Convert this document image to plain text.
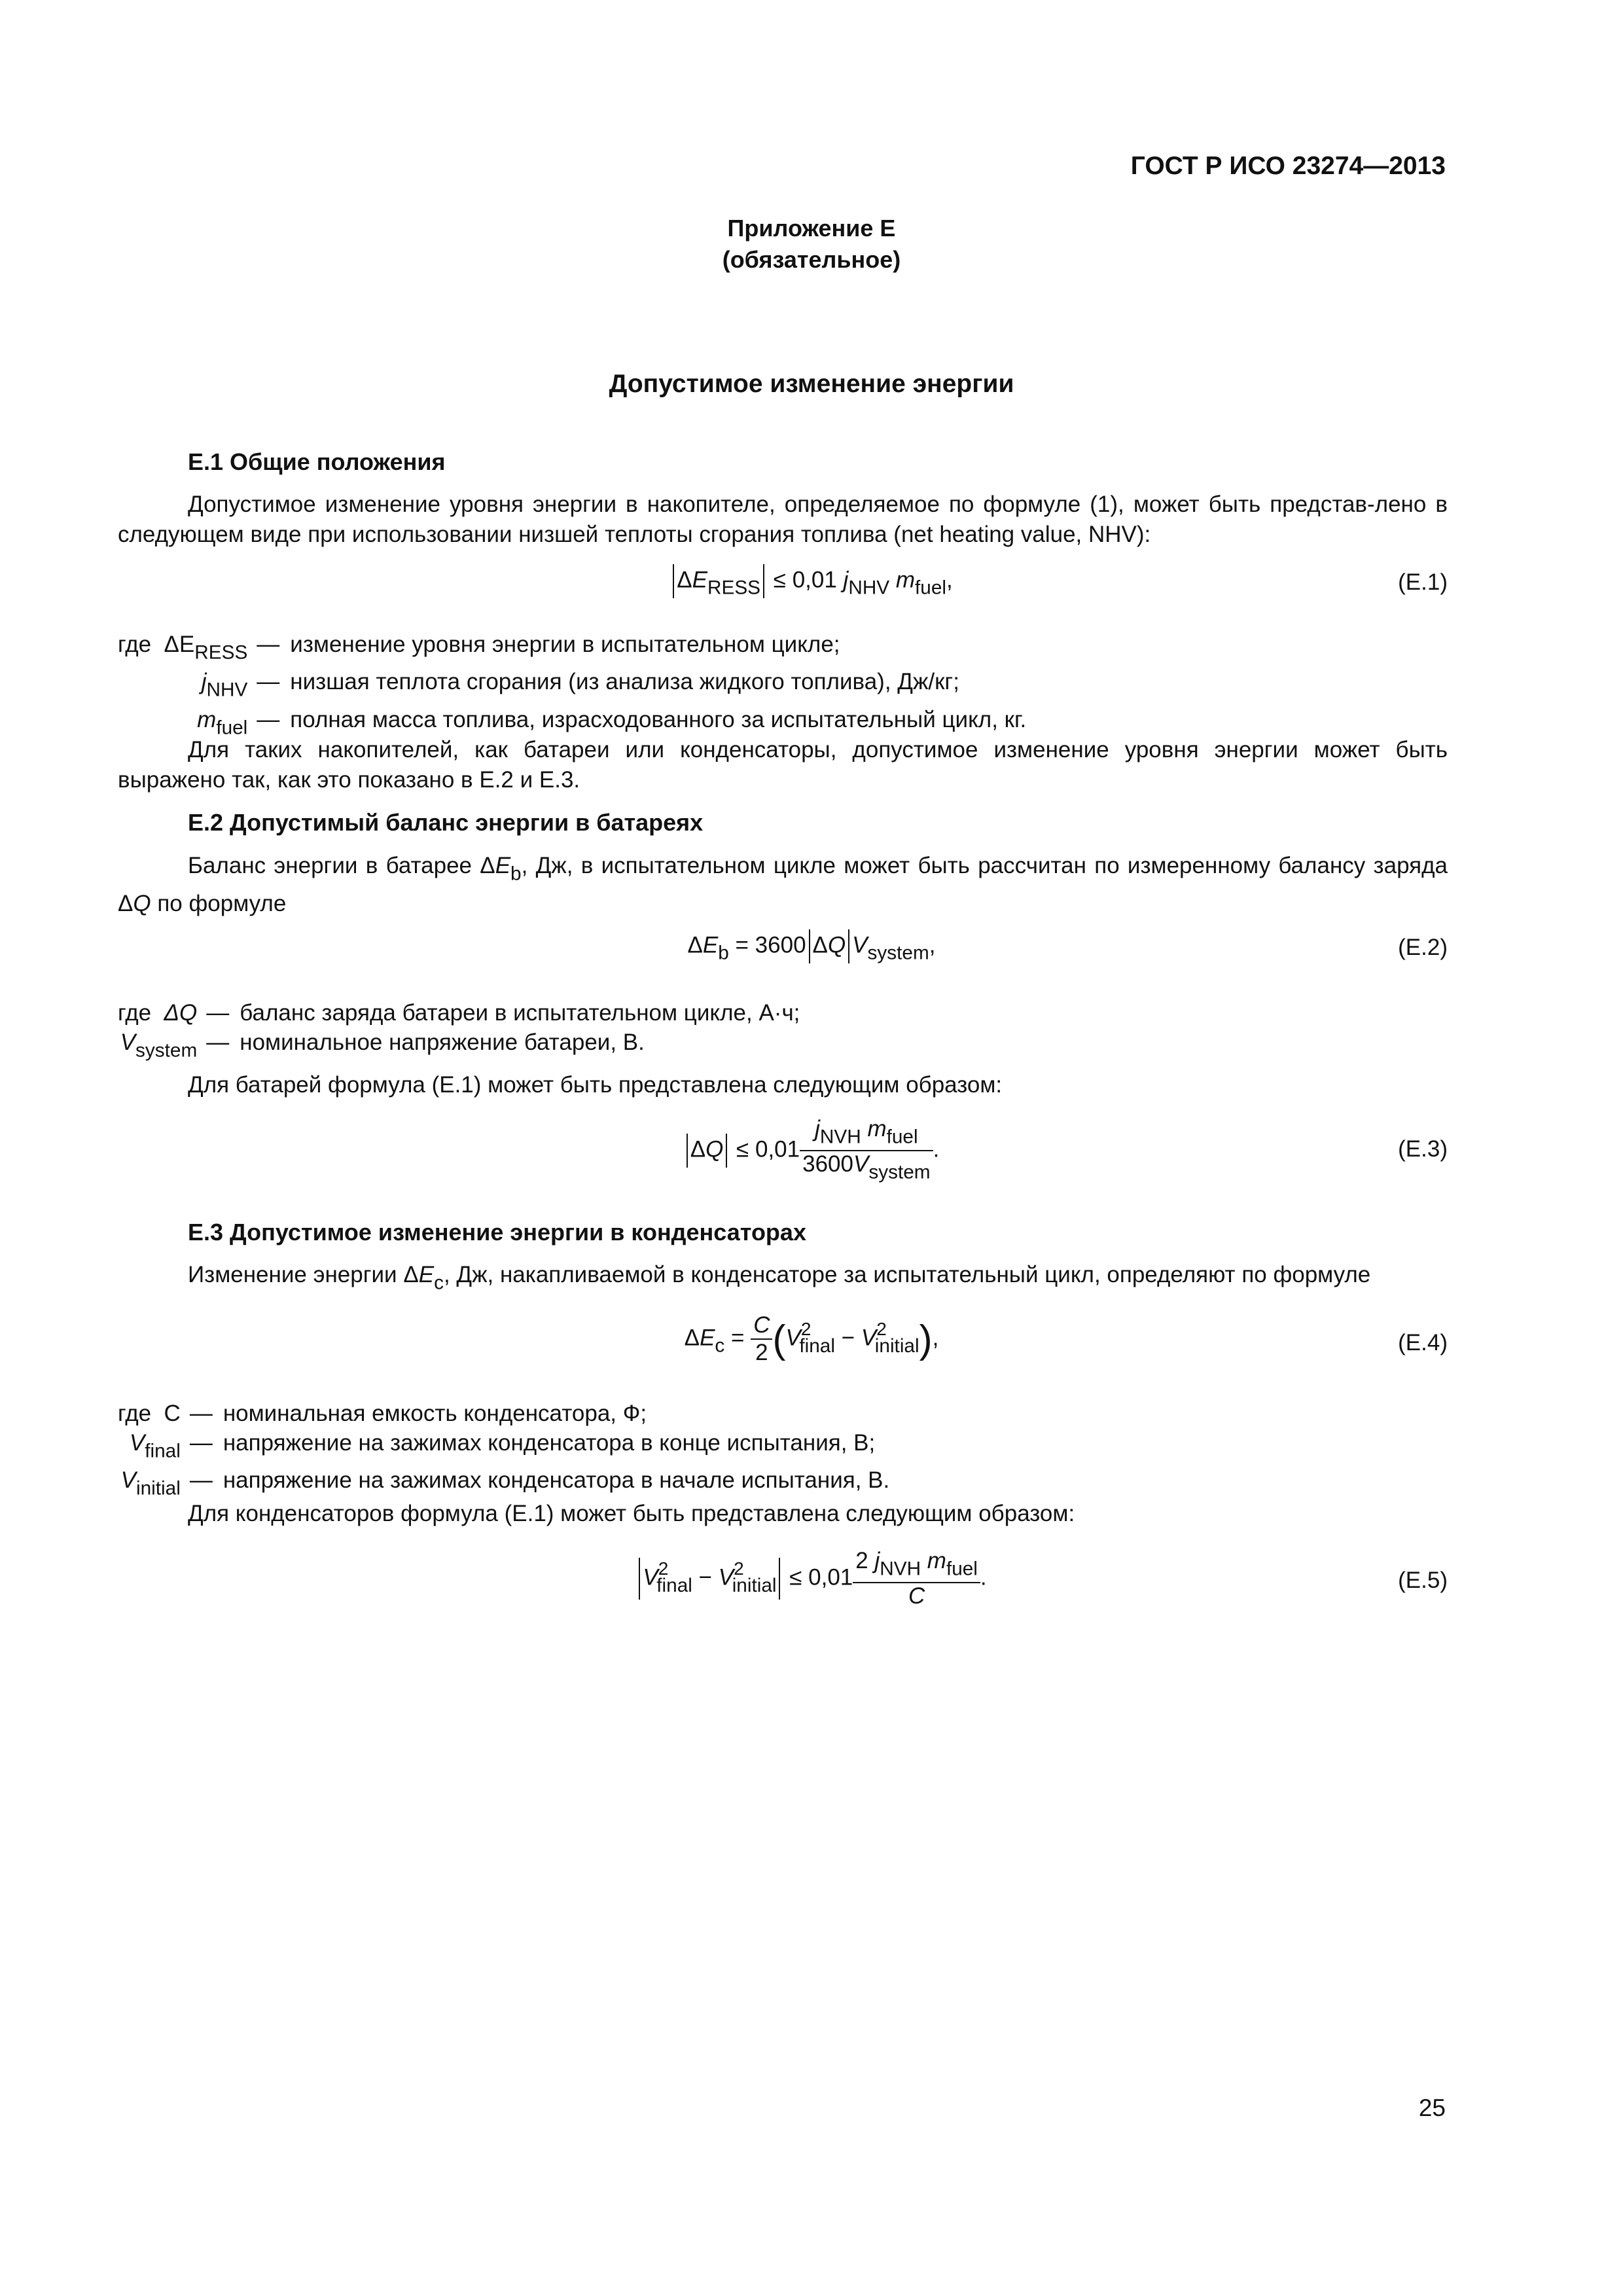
ГОСТ Р ИСО 23274—2013
Приложение Е
(обязательное)
Допустимое изменение энергии
Е.1 Общие положения
Допустимое изменение уровня энергии в накопителе, определяемое по формуле (1), может быть представ-лено в следующем виде при использовании низшей теплоты сгорания топлива (net heating value, NHV):
$\Delta E_{RESS} \le 0,01$ $j_{NHV}$ $m_{fuel}$,	(Е.1)
где $\Delta E_{RESS}$	—	изменение уровня энергии в испытательном цикле;
$j_{NHV}$	—	низшая теплота сгорания (из анализа жидкого топлива), Дж/кг;
$m_{fuel}$	—	полная масса топлива, израсходованного за испытательный цикл, кг.
Для таких накопителей, как батареи или конденсаторы, допустимое изменение уровня энергии может быть выражено так, как это показано в Е.2 и Е.3.
Е.2 Допустимый баланс энергии в батареях
Баланс энергии в батарее $\Delta E_b$, Дж, в испытательном цикле может быть рассчитан по измеренному балансу заряда ΔQ по формуле
$\Delta E_b = 3600$ ΔQ $V_{system}$,	(Е.2)
где ΔQ	—	баланс заряда батареи в испытательном цикле, А·ч;
$V_{system}$	—	номинальное напряжение батареи, В.
Для батарей формула (Е.1) может быть представлена следующим образом:
$\Delta Q \le 0,01 \frac{j_{NVH} m_{fuel}}{3600V_{system}}$ .	(Е.3)
Е.3 Допустимое изменение энергии в конденсаторах
Изменение энергии $\Delta E_c$, Дж, накапливаемой в конденсаторе за испытательный цикл, определяют по формуле
$\Delta E_c = \frac{C}{2} (V^2_{final} - V^2_{initial})$,	(Е.4)
где C	—	номинальная емкость конденсатора, Ф;
$V_{final}$	—	напряжение на зажимах конденсатора в конце испытания, В;
$V_{initial}$	—	напряжение на зажимах конденсатора в начале испытания, В.
Для конденсаторов формула (Е.1) может быть представлена следующим образом:
$V^2_{final} - V^2_{initial} \le 0,01 \frac{2 j_{NVH} m_{fuel}}{C}$ .	(Е.5)
25
